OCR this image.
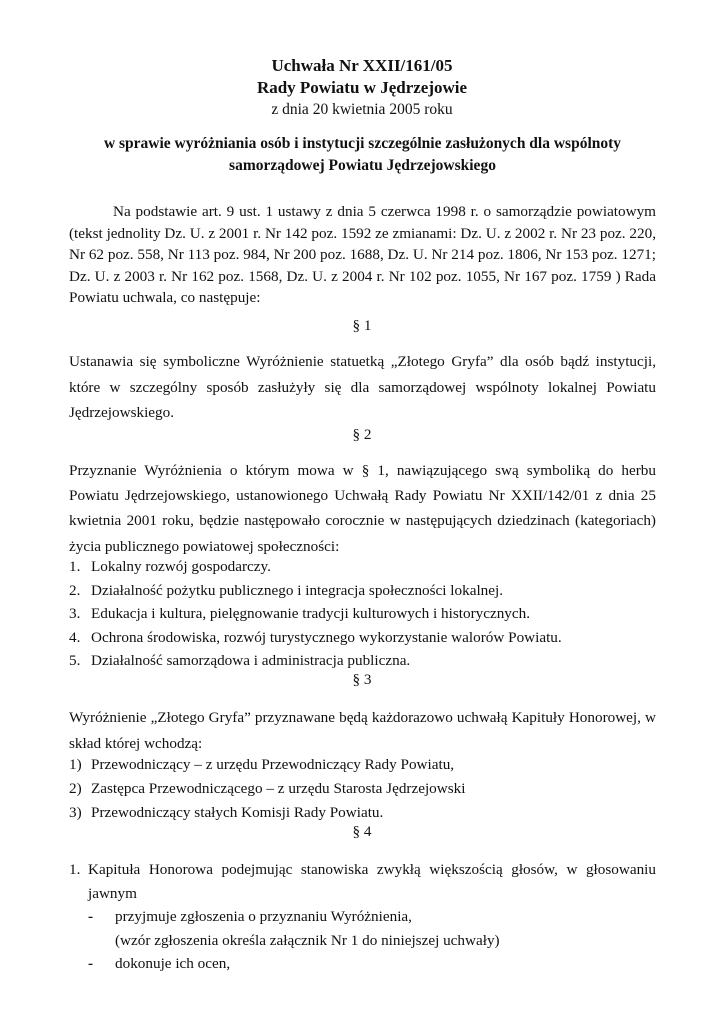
Uchwała Nr XXII/161/05
Rady Powiatu w Jędrzejowie
z dnia 20 kwietnia 2005 roku
w sprawie wyróżniania osób i instytucji szczególnie zasłużonych dla wspólnoty
samorządowej Powiatu Jędrzejowskiego
Na podstawie art. 9 ust. 1 ustawy z dnia 5 czerwca 1998 r. o samorządzie powiatowym (tekst jednolity Dz. U. z 2001 r. Nr 142 poz. 1592 ze zmianami: Dz. U. z 2002 r. Nr 23 poz. 220, Nr 62 poz. 558, Nr 113 poz. 984, Nr 200 poz. 1688, Dz. U. Nr 214 poz. 1806, Nr 153 poz. 1271; Dz. U. z 2003 r. Nr 162 poz. 1568, Dz. U. z 2004 r. Nr 102 poz. 1055, Nr 167 poz. 1759 ) Rada Powiatu uchwala, co następuje:
§ 1
Ustanawia się symboliczne Wyróżnienie statuetką „Złotego Gryfa” dla osób bądź instytucji, które w szczególny sposób zasłużyły się dla samorządowej wspólnoty lokalnej Powiatu Jędrzejowskiego.
§ 2
Przyznanie Wyróżnienia o którym mowa w § 1, nawiązującego swą symboliką do herbu Powiatu Jędrzejowskiego, ustanowionego Uchwałą Rady Powiatu Nr XXII/142/01 z dnia 25 kwietnia 2001 roku, będzie następowało corocznie w następujących dziedzinach (kategoriach) życia publicznego powiatowej społeczności:
1. Lokalny rozwój gospodarczy.
2. Działalność pożytku publicznego i integracja społeczności lokalnej.
3. Edukacja i kultura, pielęgnowanie tradycji kulturowych i historycznych.
4. Ochrona środowiska, rozwój turystycznego wykorzystanie walorów Powiatu.
5. Działalność samorządowa i administracja publiczna.
§ 3
Wyróżnienie „Złotego Gryfa” przyznawane będą każdorazowo uchwałą Kapituły Honorowej, w skład której wchodzą:
1) Przewodniczący – z urzędu Przewodniczący Rady Powiatu,
2) Zastępca Przewodniczącego – z urzędu Starosta Jędrzejowski
3) Przewodniczący stałych Komisji Rady Powiatu.
§ 4
1. Kapituła Honorowa podejmując stanowiska zwykłą większością głosów, w głosowaniu jawnym
- przyjmuje zgłoszenia o przyznaniu Wyróżnienia,
(wzór zgłoszenia określa załącznik Nr 1 do niniejszej uchwały)
- dokonuje ich ocen,
